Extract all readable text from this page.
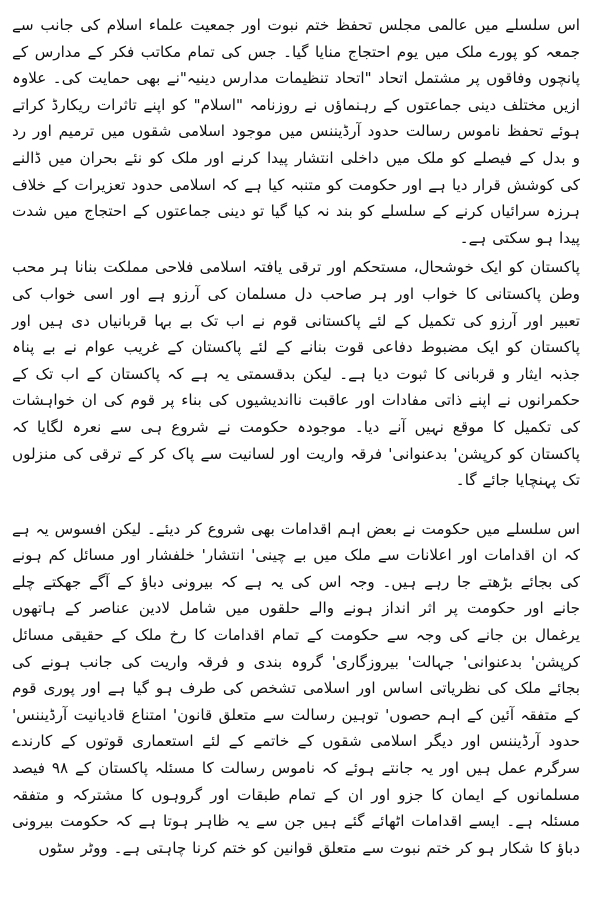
اس سلسلے میں عالمی مجلس تحفظ ختم نبوت اور جمعیت علماء اسلام کی جانب سے جمعہ کو پورے ملک میں یوم احتجاج منایا گیا۔ جس کی تمام مکاتب فکر کے مدارس کے پانچوں وفاقوں پر مشتمل اتحاد "اتحاد تنظیمات مدارس دینیہ"نے بھی حمایت کی۔ علاوہ ازیں مختلف دینی جماعتوں کے رہنماؤں نے روزنامہ "اسلام" کو اپنے تاثرات ریکارڈ کراتے ہوئے تحفظ ناموس رسالت حدود آرڈیننس میں موجود اسلامی شقوں میں ترمیم اور رد و بدل کے فیصلے کو ملک میں داخلی انتشار پیدا کرنے اور ملک کو نئے بحران میں ڈالنے کی کوشش قرار دیا ہے اور حکومت کو متنبہ کیا ہے کہ اسلامی حدود تعزیرات کے خلاف ہرزہ سرائیاں کرنے کے سلسلے کو بند نہ کیا گیا تو دینی جماعتوں کے احتجاج میں شدت پیدا ہو سکتی ہے۔

پاکستان کو ایک خوشحال، مستحکم اور ترقی یافتہ اسلامی فلاحی مملکت بنانا ہر محب وطن پاکستانی کا خواب اور ہر صاحب دل مسلمان کی آرزو ہے اور اسی خواب کی تعبیر اور آرزو کی تکمیل کے لئے پاکستانی قوم نے اب تک بے بہا قربانیاں دی ہیں اور پاکستان کو ایک مضبوط دفاعی قوت بنانے کے لئے پاکستان کے غریب عوام نے بے پناہ جذبہ ایثار و قربانی کا ثبوت دیا ہے۔ لیکن بدقسمتی یہ ہے کہ پاکستان کے اب تک کے حکمرانوں نے اپنے ذاتی مفادات اور عاقبت نااندیشیوں کی بناء پر قوم کی ان خواہشات کی تکمیل کا موقع نہیں آنے دیا۔ موجودہ حکومت نے شروع ہی سے نعرہ لگایا کہ پاکستان کو کرپشن' بدعنوانی' فرقہ واریت اور لسانیت سے پاک کر کے ترقی کی منزلوں تک پہنچایا جائے گا۔

اس سلسلے میں حکومت نے بعض اہم اقدامات بھی شروع کر دیئے۔ لیکن افسوس یہ ہے کہ ان اقدامات اور اعلانات سے ملک میں بے چینی' انتشار' خلفشار اور مسائل کم ہونے کی بجائے بڑھتے جا رہے ہیں۔ وجہ اس کی یہ ہے کہ بیرونی دباؤ کے آگے جھکتے چلے جانے اور حکومت پر اثر انداز ہونے والے حلقوں میں شامل لادین عناصر کے ہاتھوں یرغمال بن جانے کی وجہ سے حکومت کے تمام اقدامات کا رخ ملک کے حقیقی مسائل کرپشن' بدعنوانی' جہالت' بیروزگاری' گروہ بندی و فرقہ واریت کی جانب ہونے کی بجائے ملک کی نظریاتی اساس اور اسلامی تشخص کی طرف ہو گیا ہے اور پوری قوم کے متفقہ آئین کے اہم حصوں' توہین رسالت سے متعلق قانون' امتناع قادیانیت آرڈیننس' حدود آرڈیننس اور دیگر اسلامی شقوں کے خاتمے کے لئے استعماری قوتوں کے کارندے سرگرم عمل ہیں اور یہ جانتے ہوئے کہ ناموس رسالت کا مسئلہ پاکستان کے ۹۸ فیصد مسلمانوں کے ایمان کا جزو اور ان کے تمام طبقات اور گروہوں کا مشترکہ و متفقہ مسئلہ ہے۔ ایسے اقدامات اٹھائے گئے ہیں جن سے یہ ظاہر ہوتا ہے کہ حکومت بیرونی دباؤ کا شکار ہو کر ختم نبوت سے متعلق قوانین کو ختم کرنا چاہتی ہے۔ ووٹر سٹوں
